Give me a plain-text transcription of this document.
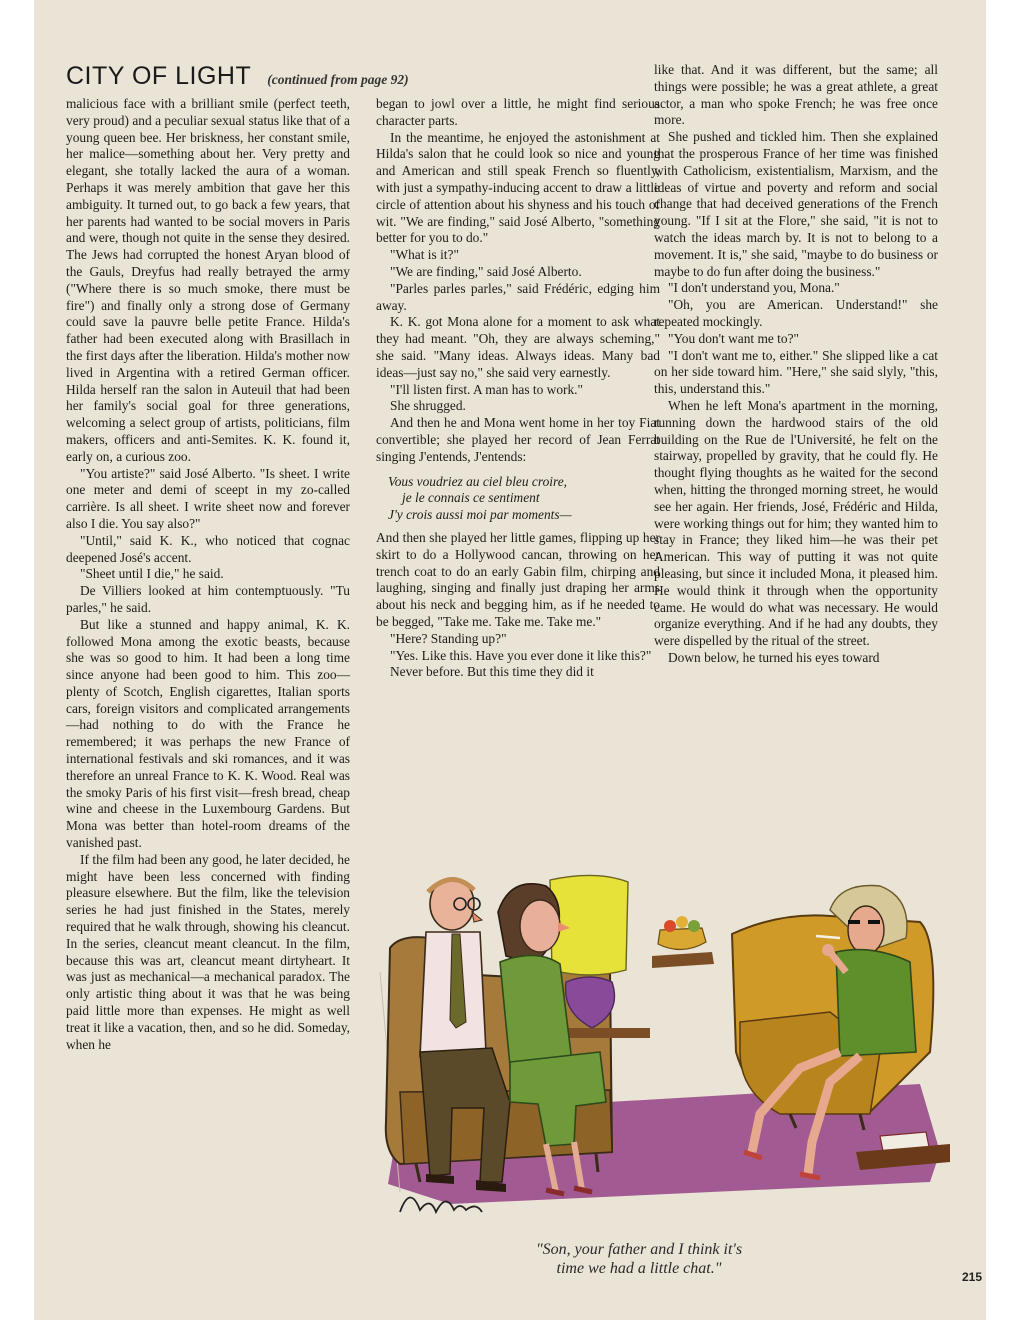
CITY OF LIGHT (continued from page 92)

malicious face with a brilliant smile (perfect teeth, very proud) and a peculiar sexual status like that of a young queen bee. Her briskness, her constant smile, her malice—something about her. Very pretty and elegant, she totally lacked the aura of a woman. Perhaps it was merely ambition that gave her this ambiguity. It turned out, to go back a few years, that her parents had wanted to be social movers in Paris and were, though not quite in the sense they desired. The Jews had corrupted the honest Aryan blood of the Gauls, Dreyfus had really betrayed the army ("Where there is so much smoke, there must be fire") and finally only a strong dose of Germany could save la pauvre belle petite France. Hilda's father had been executed along with Brasillach in the first days after the liberation. Hilda's mother now lived in Argentina with a retired German officer. Hilda herself ran the salon in Auteuil that had been her family's social goal for three generations, welcoming a select group of artists, politicians, film makers, officers and anti-Semites. K. K. found it, early on, a curious zoo.

"You artiste?" said José Alberto. "Is sheet. I write one meter and demi of sceept in my zo-called carrière. Is all sheet. I write sheet now and forever also I die. You say also?"

"Until," said K. K., who noticed that cognac deepened José's accent.

"Sheet until I die," he said.

De Villiers looked at him contemptuously. "Tu parles," he said.

But like a stunned and happy animal, K. K. followed Mona among the exotic beasts, because she was so good to him. It had been a long time since anyone had been good to him. This zoo—plenty of Scotch, English cigarettes, Italian sports cars, foreign visitors and complicated arrangements—had nothing to do with the France he remembered; it was perhaps the new France of international festivals and ski romances, and it was therefore an unreal France to K. K. Wood. Real was the smoky Paris of his first visit—fresh bread, cheap wine and cheese in the Luxembourg Gardens. But Mona was better than hotel-room dreams of the vanished past.

If the film had been any good, he later decided, he might have been less concerned with finding pleasure elsewhere. But the film, like the television series he had just finished in the States, merely required that he walk through, showing his cleancut. In the series, cleancut meant cleancut. In the film, because this was art, cleancut meant dirtyheart. It was just as mechanical—a mechanical paradox. The only artistic thing about it was that he was being paid little more than expenses. He might as well treat it like a vacation, then, and so he did. Someday, when he

began to jowl over a little, he might find serious character parts.

In the meantime, he enjoyed the astonishment at Hilda's salon that he could look so nice and young and American and still speak French so fluently, with just a sympathy-inducing accent to draw a little circle of attention about his shyness and his touch of wit. "We are finding," said José Alberto, "something better for you to do."

"What is it?"

"We are finding," said José Alberto.

"Parles parles parles," said Frédéric, edging him away.

K. K. got Mona alone for a moment to ask what they had meant. "Oh, they are always scheming," she said. "Many ideas. Always ideas. Many bad ideas—just say no," she said very earnestly.

"I'll listen first. A man has to work."

She shrugged.

And then he and Mona went home in her toy Fiat convertible; she played her record of Jean Ferrat singing J'entends, J'entends:

Vous voudriez au ciel bleu croire,
je le connais ce sentiment
J'y crois aussi moi par moments—

And then she played her little games, flipping up her skirt to do a Hollywood cancan, throwing on her trench coat to do an early Gabin film, chirping and laughing, singing and finally just draping her arms about his neck and begging him, as if he needed to be begged, "Take me. Take me. Take me."

"Here? Standing up?"

"Yes. Like this. Have you ever done it like this?"

Never before. But this time they did it

like that. And it was different, but the same; all things were possible; he was a great athlete, a great actor, a man who spoke French; he was free once more.

She pushed and tickled him. Then she explained that the prosperous France of her time was finished with Catholicism, existentialism, Marxism, and the ideas of virtue and poverty and reform and social change that had deceived generations of the French young. "If I sit at the Flore," she said, "it is not to watch the ideas march by. It is not to belong to a movement. It is," she said, "maybe to do business or maybe to do fun after doing the business."

"I don't understand you, Mona."

"Oh, you are American. Understand!" she repeated mockingly.

"You don't want me to?"

"I don't want me to, either." She slipped like a cat on her side toward him. "Here," she said slyly, "this, this, understand this."

When he left Mona's apartment in the morning, running down the hardwood stairs of the old building on the Rue de l'Université, he felt on the stairway, propelled by gravity, that he could fly. He thought flying thoughts as he waited for the second when, hitting the thronged morning street, he would see her again. Her friends, José, Frédéric and Hilda, were working things out for him; they wanted him to stay in France; they liked him—he was their pet American. This way of putting it was not quite pleasing, but since it included Mona, it pleased him. He would think it through when the opportunity came. He would do what was necessary. He would organize everything. And if he had any doubts, they were dispelled by the ritual of the street.

Down below, he turned his eyes toward

"Son, your father and I think it's
time we had a little chat."	215
